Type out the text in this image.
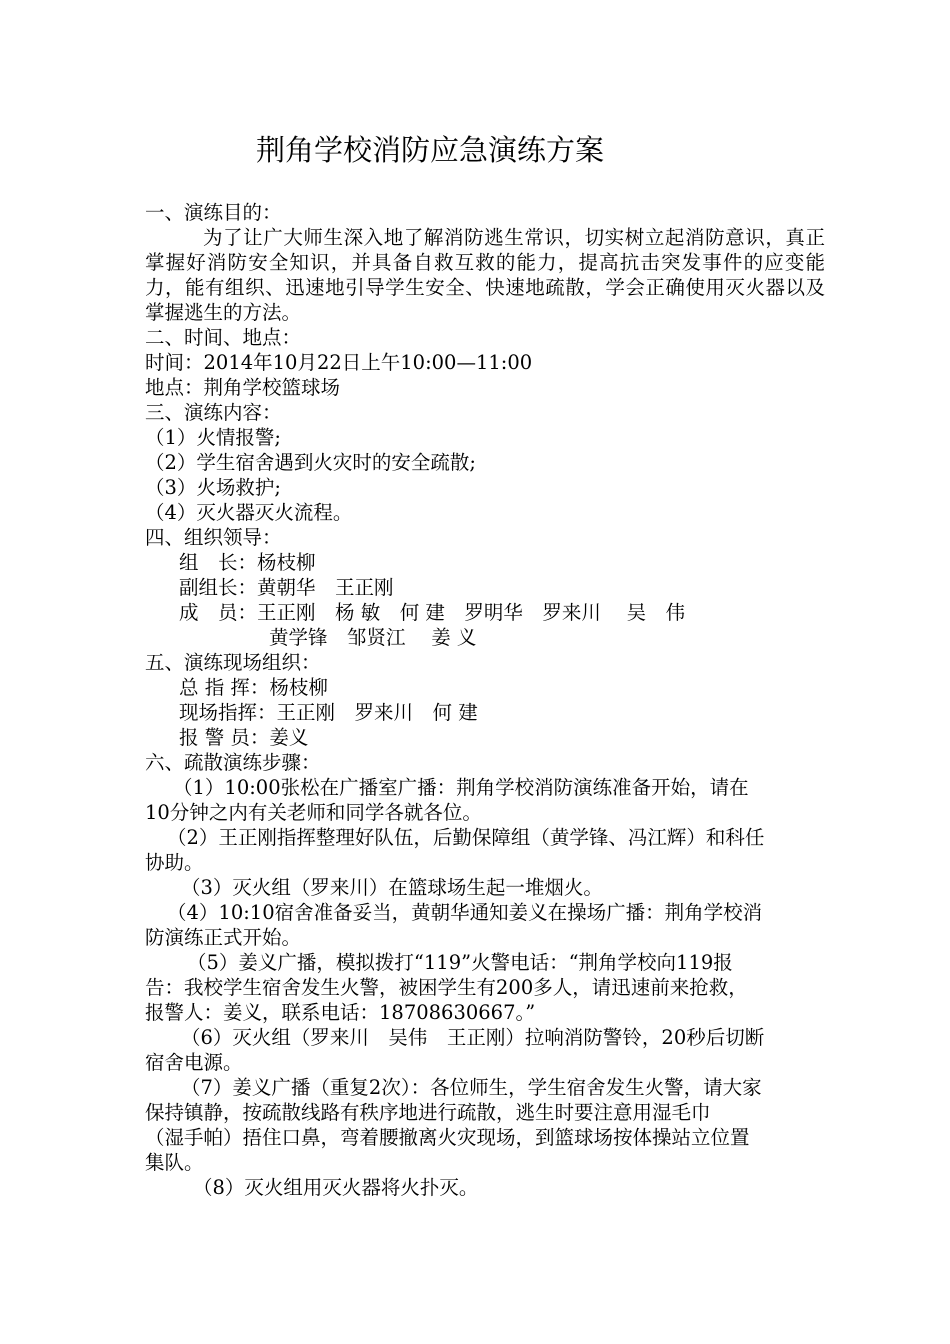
荆角学校消防应急演练方案
一、演练目的：
为了让广大师生深入地了解消防逃生常识，切实树立起消防意识，真正掌握好消防安全知识，并具备自救互救的能力，提高抗击突发事件的应变能力，能有组织、迅速地引导学生安全、快速地疏散，学会正确使用灭火器以及掌握逃生的方法。
二、时间、地点：
时间：2014年10月22日上午10:00—11:00
地点：荆角学校篮球场
三、演练内容：
（1）火情报警;
（2）学生宿舍遇到火灾时的安全疏散;
（3）火场救护;
（4）灭火器灭火流程。
四、组织领导：
组　长：杨枝柳
副组长：黄朝华　王正刚
成　员：王正刚　杨 敏　何 建　罗明华　罗来川　 吴　伟
黄学锋　邹贤江　 姜 义
五、演练现场组织：
总 指 挥：杨枝柳
现场指挥：王正刚　罗来川　何 建
报 警 员：姜义
六、疏散演练步骤：
（1）10:00张松在广播室广播：荆角学校消防演练准备开始，请在
10分钟之内有关老师和同学各就各位。
（2）王正刚指挥整理好队伍，后勤保障组（黄学锋、冯江辉）和科任
协助。
（3）灭火组（罗来川）在篮球场生起一堆烟火。
（4）10:10宿舍准备妥当，黄朝华通知姜义在操场广播：荆角学校消
防演练正式开始。
（5）姜义广播，模拟拨打“119”火警电话：“荆角学校向119报
告：我校学生宿舍发生火警，被困学生有200多人，请迅速前来抢救，
报警人：姜义，联系电话：18708630667。”
（6）灭火组（罗来川　吴伟　王正刚）拉响消防警铃，20秒后切断
宿舍电源。
（7）姜义广播（重复2次）：各位师生，学生宿舍发生火警，请大家
保持镇静，按疏散线路有秩序地进行疏散，逃生时要注意用湿毛巾
（湿手帕）捂住口鼻，弯着腰撤离火灾现场，到篮球场按体操站立位置
集队。
（8）灭火组用灭火器将火扑灭。
